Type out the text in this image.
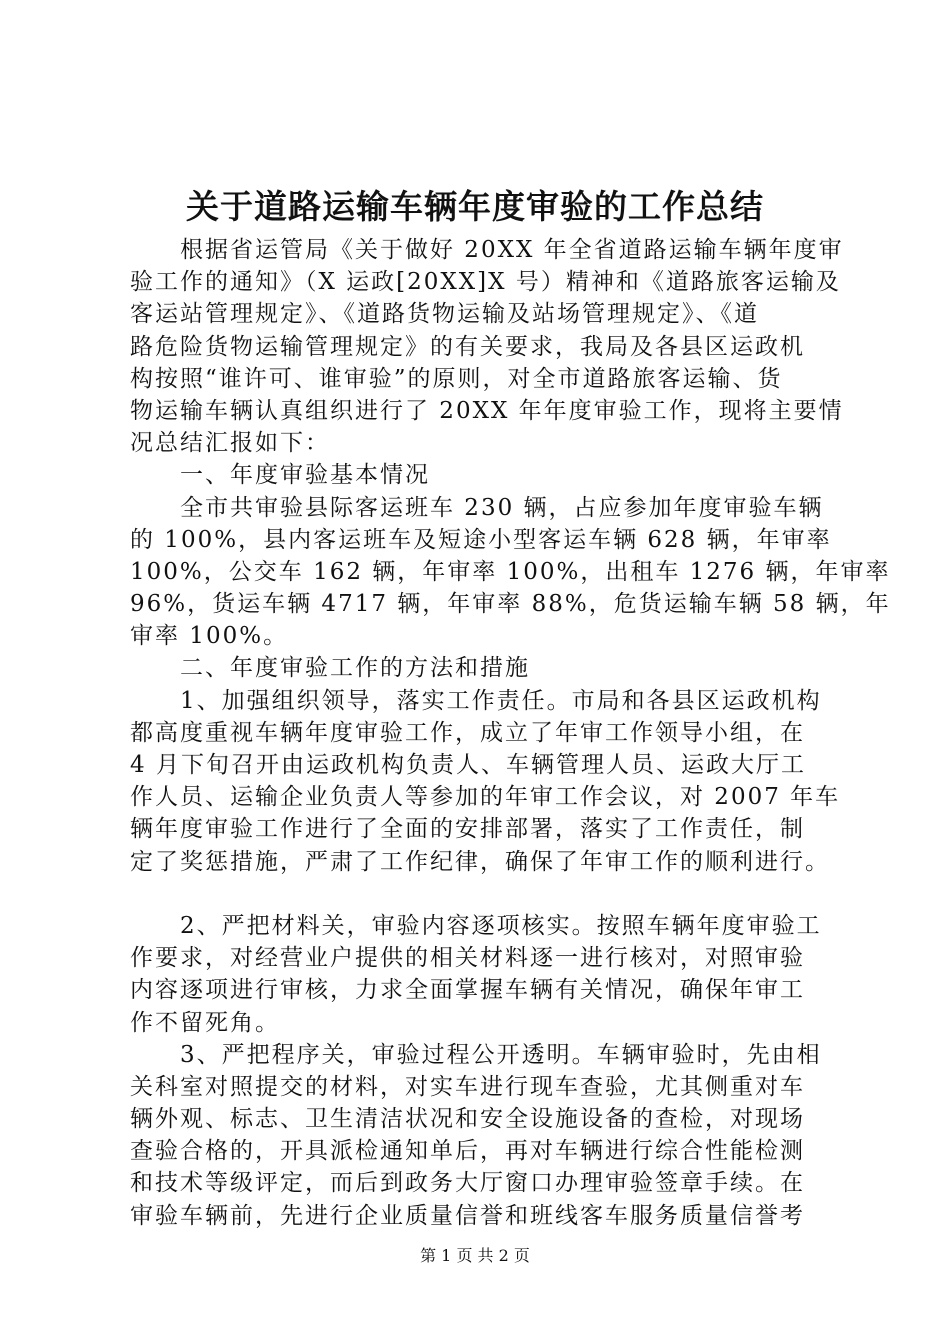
关于道路运输车辆年度审验的工作总结
　　根据省运管局《关于做好 20XX 年全省道路运输车辆年度审
验工作的通知》（X 运政[20XX]X 号）精神和《道路旅客运输及
客运站管理规定》、《道路货物运输及站场管理规定》、《道
路危险货物运输管理规定》的有关要求，我局及各县区运政机
构按照“谁许可、谁审验”的原则，对全市道路旅客运输、货
物运输车辆认真组织进行了 20XX 年年度审验工作，现将主要情
况总结汇报如下：
　　一、年度审验基本情况
　　全市共审验县际客运班车 230 辆，占应参加年度审验车辆
的 100%，县内客运班车及短途小型客运车辆 628 辆，年审率
100%，公交车 162 辆，年审率 100%，出租车 1276 辆，年审率
96%，货运车辆 4717 辆，年审率 88%，危货运输车辆 58 辆，年
审率 100%。
　　二、年度审验工作的方法和措施
　　1、加强组织领导，落实工作责任。市局和各县区运政机构
都高度重视车辆年度审验工作，成立了年审工作领导小组，在
4 月下旬召开由运政机构负责人、车辆管理人员、运政大厅工
作人员、运输企业负责人等参加的年审工作会议，对 2007 年车
辆年度审验工作进行了全面的安排部署，落实了工作责任，制
定了奖惩措施，严肃了工作纪律，确保了年审工作的顺利进行。
　　2、严把材料关，审验内容逐项核实。按照车辆年度审验工
作要求，对经营业户提供的相关材料逐一进行核对，对照审验
内容逐项进行审核，力求全面掌握车辆有关情况，确保年审工
作不留死角。
　　3、严把程序关，审验过程公开透明。车辆审验时，先由相
关科室对照提交的材料，对实车进行现车查验，尤其侧重对车
辆外观、标志、卫生清洁状况和安全设施设备的查检，对现场
查验合格的，开具派检通知单后，再对车辆进行综合性能检测
和技术等级评定，而后到政务大厅窗口办理审验签章手续。在
审验车辆前，先进行企业质量信誉和班线客车服务质量信誉考
第 1 页 共 2 页
